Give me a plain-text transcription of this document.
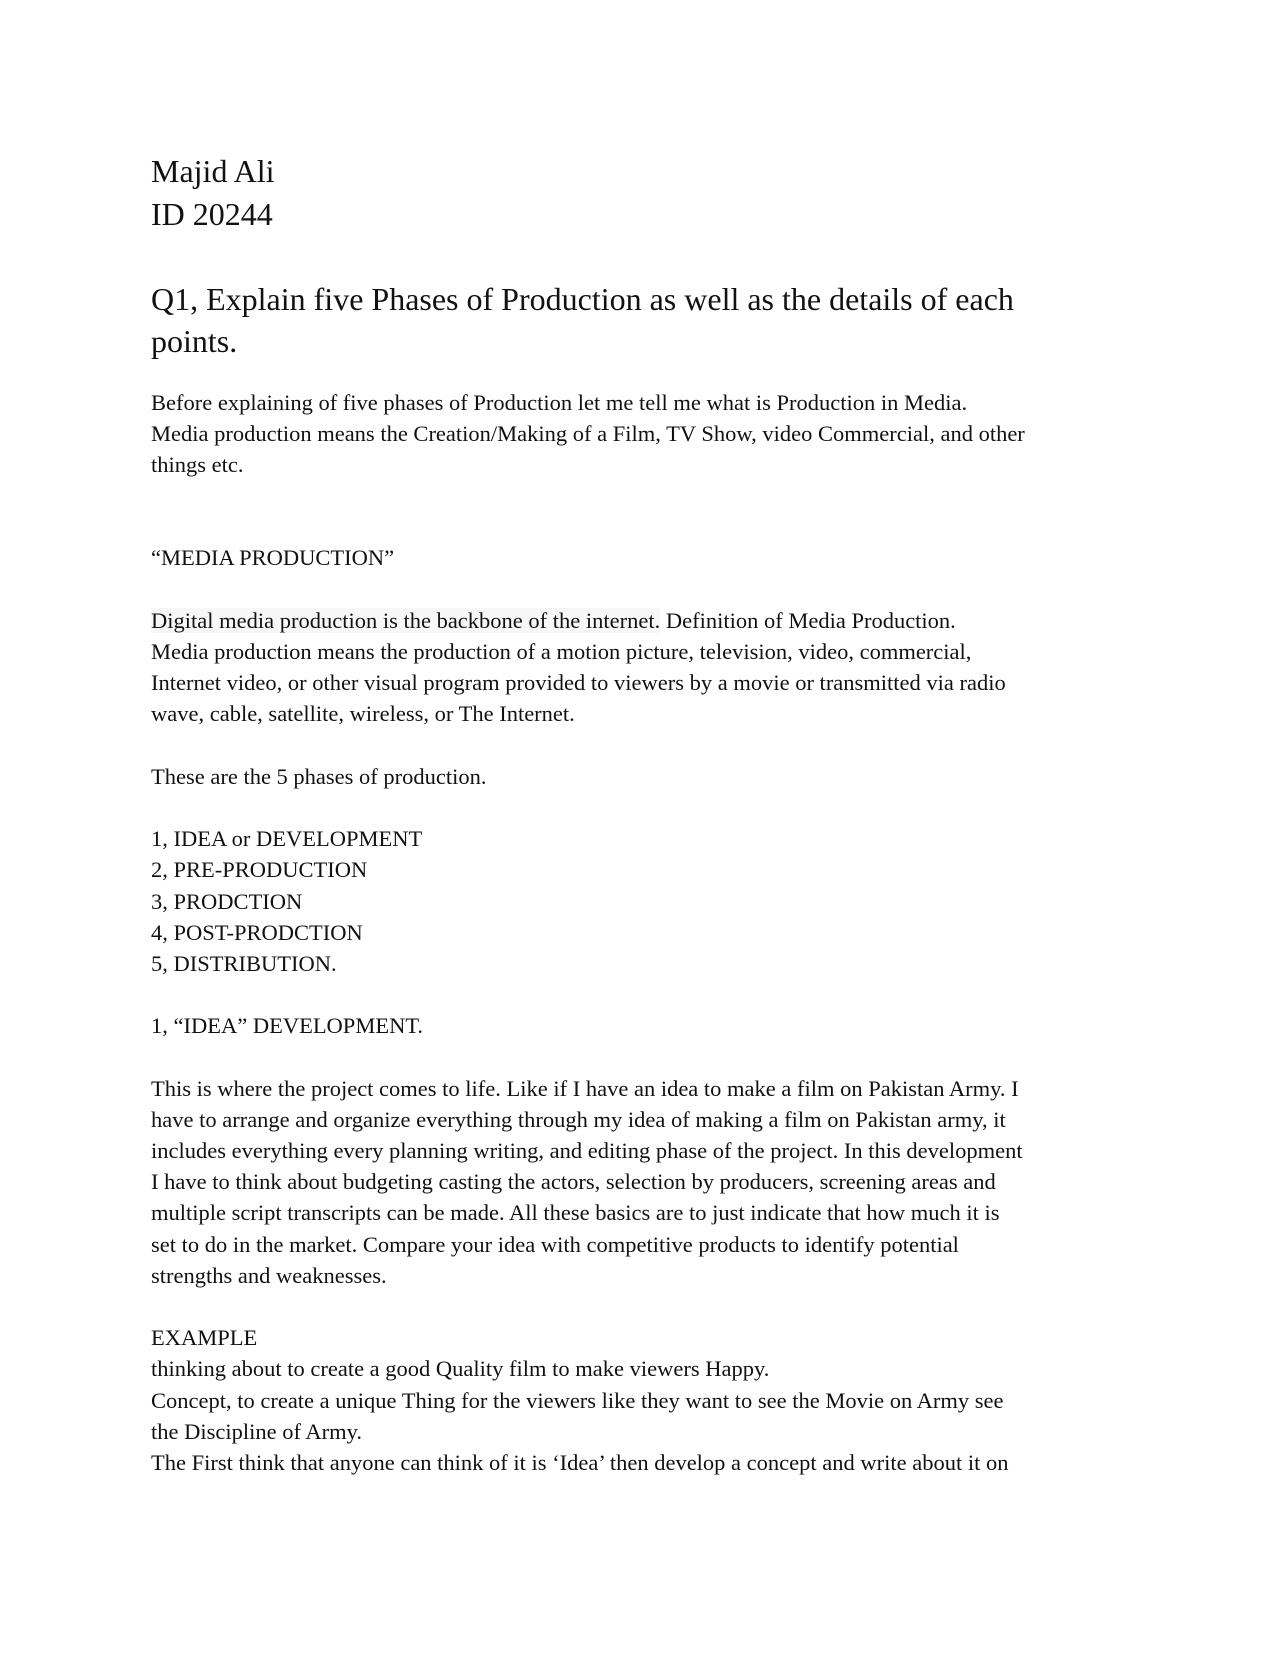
Majid Ali
ID 20244
Q1, Explain five Phases of Production as well as the details of each
points.
Before explaining of five phases of Production let me tell me what is Production in Media.
Media production means the Creation/Making of a Film, TV Show, video Commercial, and other
things etc.
“MEDIA PRODUCTION”
Digital media production is the backbone of the internet. Definition of Media Production.
Media production means the production of a motion picture, television, video, commercial,
Internet video, or other visual program provided to viewers by a movie or transmitted via radio
wave, cable, satellite, wireless, or The Internet.
These are the 5 phases of production.
1, IDEA or DEVELOPMENT
2, PRE-PRODUCTION
3, PRODCTION
4, POST-PRODCTION
5, DISTRIBUTION.
1, “IDEA” DEVELOPMENT.
This is where the project comes to life. Like if I have an idea to make a film on Pakistan Army. I
have to arrange and organize everything through my idea of making a film on Pakistan army, it
includes everything every planning writing, and editing phase of the project. In this development
I have to think about budgeting casting the actors, selection by producers, screening areas and
multiple script transcripts can be made. All these basics are to just indicate that how much it is
set to do in the market. Compare your idea with competitive products to identify potential
strengths and weaknesses.
EXAMPLE
thinking about to create a good Quality film to make viewers Happy.
Concept, to create a unique Thing for the viewers like they want to see the Movie on Army see
the Discipline of Army.
The First think that anyone can think of it is ‘Idea’ then develop a concept and write about it on
